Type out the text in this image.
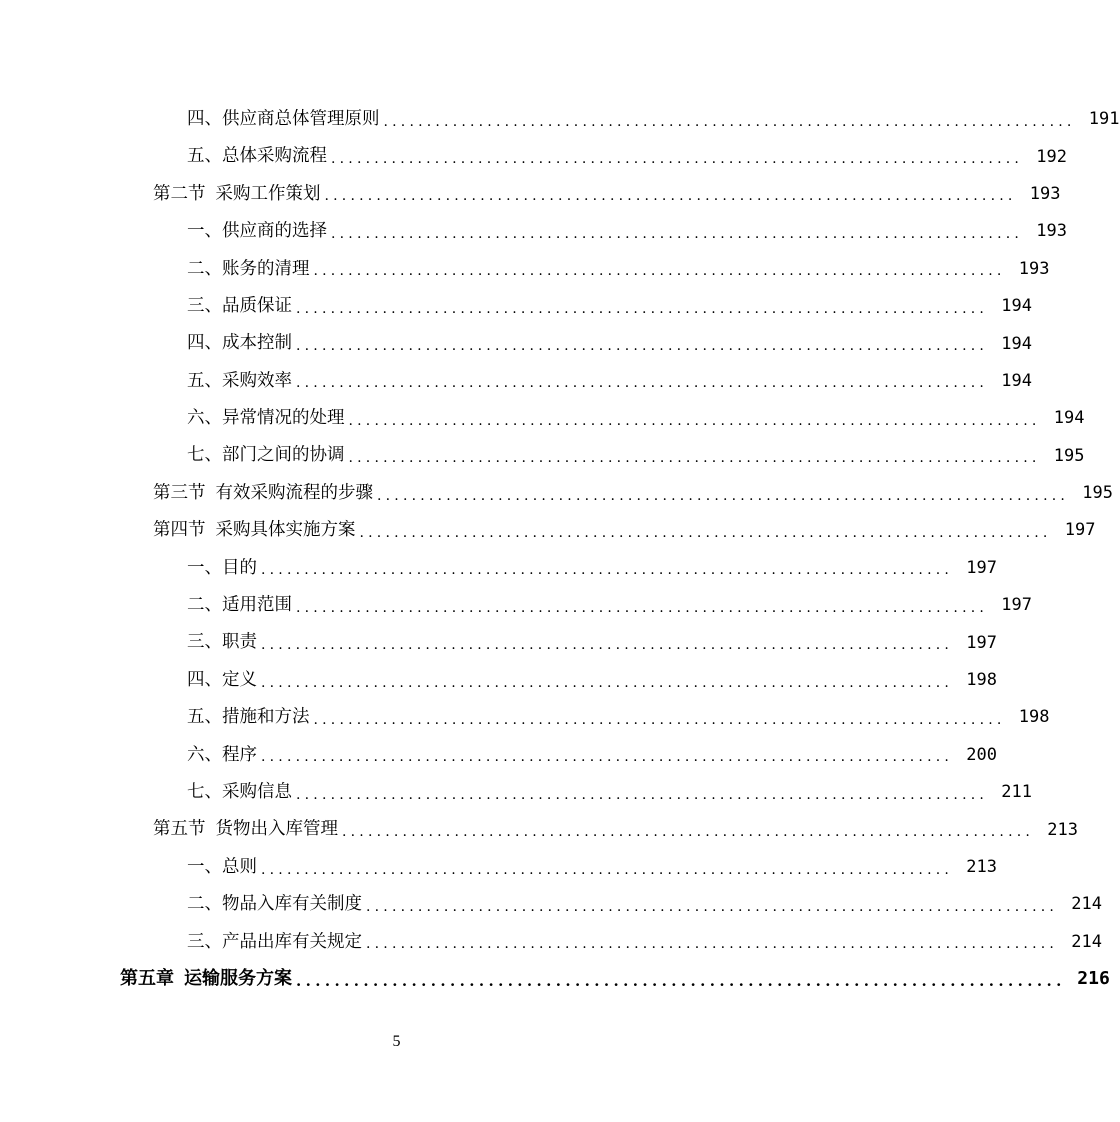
四、供应商总体管理原则 ................................................................................ 191
五、总体采购流程 ................................................................................ 192
第二节 采购工作策划 ................................................................................ 193
一、供应商的选择 ................................................................................ 193
二、账务的清理 ................................................................................ 193
三、品质保证 ................................................................................ 194
四、成本控制 ................................................................................ 194
五、采购效率 ................................................................................ 194
六、异常情况的处理 ................................................................................ 194
七、部门之间的协调 ................................................................................ 195
第三节 有效采购流程的步骤 ................................................................................ 195
第四节 采购具体实施方案 ................................................................................ 197
一、目的 ................................................................................ 197
二、适用范围 ................................................................................ 197
三、职责 ................................................................................ 197
四、定义 ................................................................................ 198
五、措施和方法 ................................................................................ 198
六、程序 ................................................................................ 200
七、采购信息 ................................................................................ 211
第五节 货物出入库管理 ................................................................................ 213
一、总则 ................................................................................ 213
二、物品入库有关制度 ................................................................................ 214
三、产品出库有关规定 ................................................................................ 214
第五章 运输服务方案 ................................................................................ 216
5
